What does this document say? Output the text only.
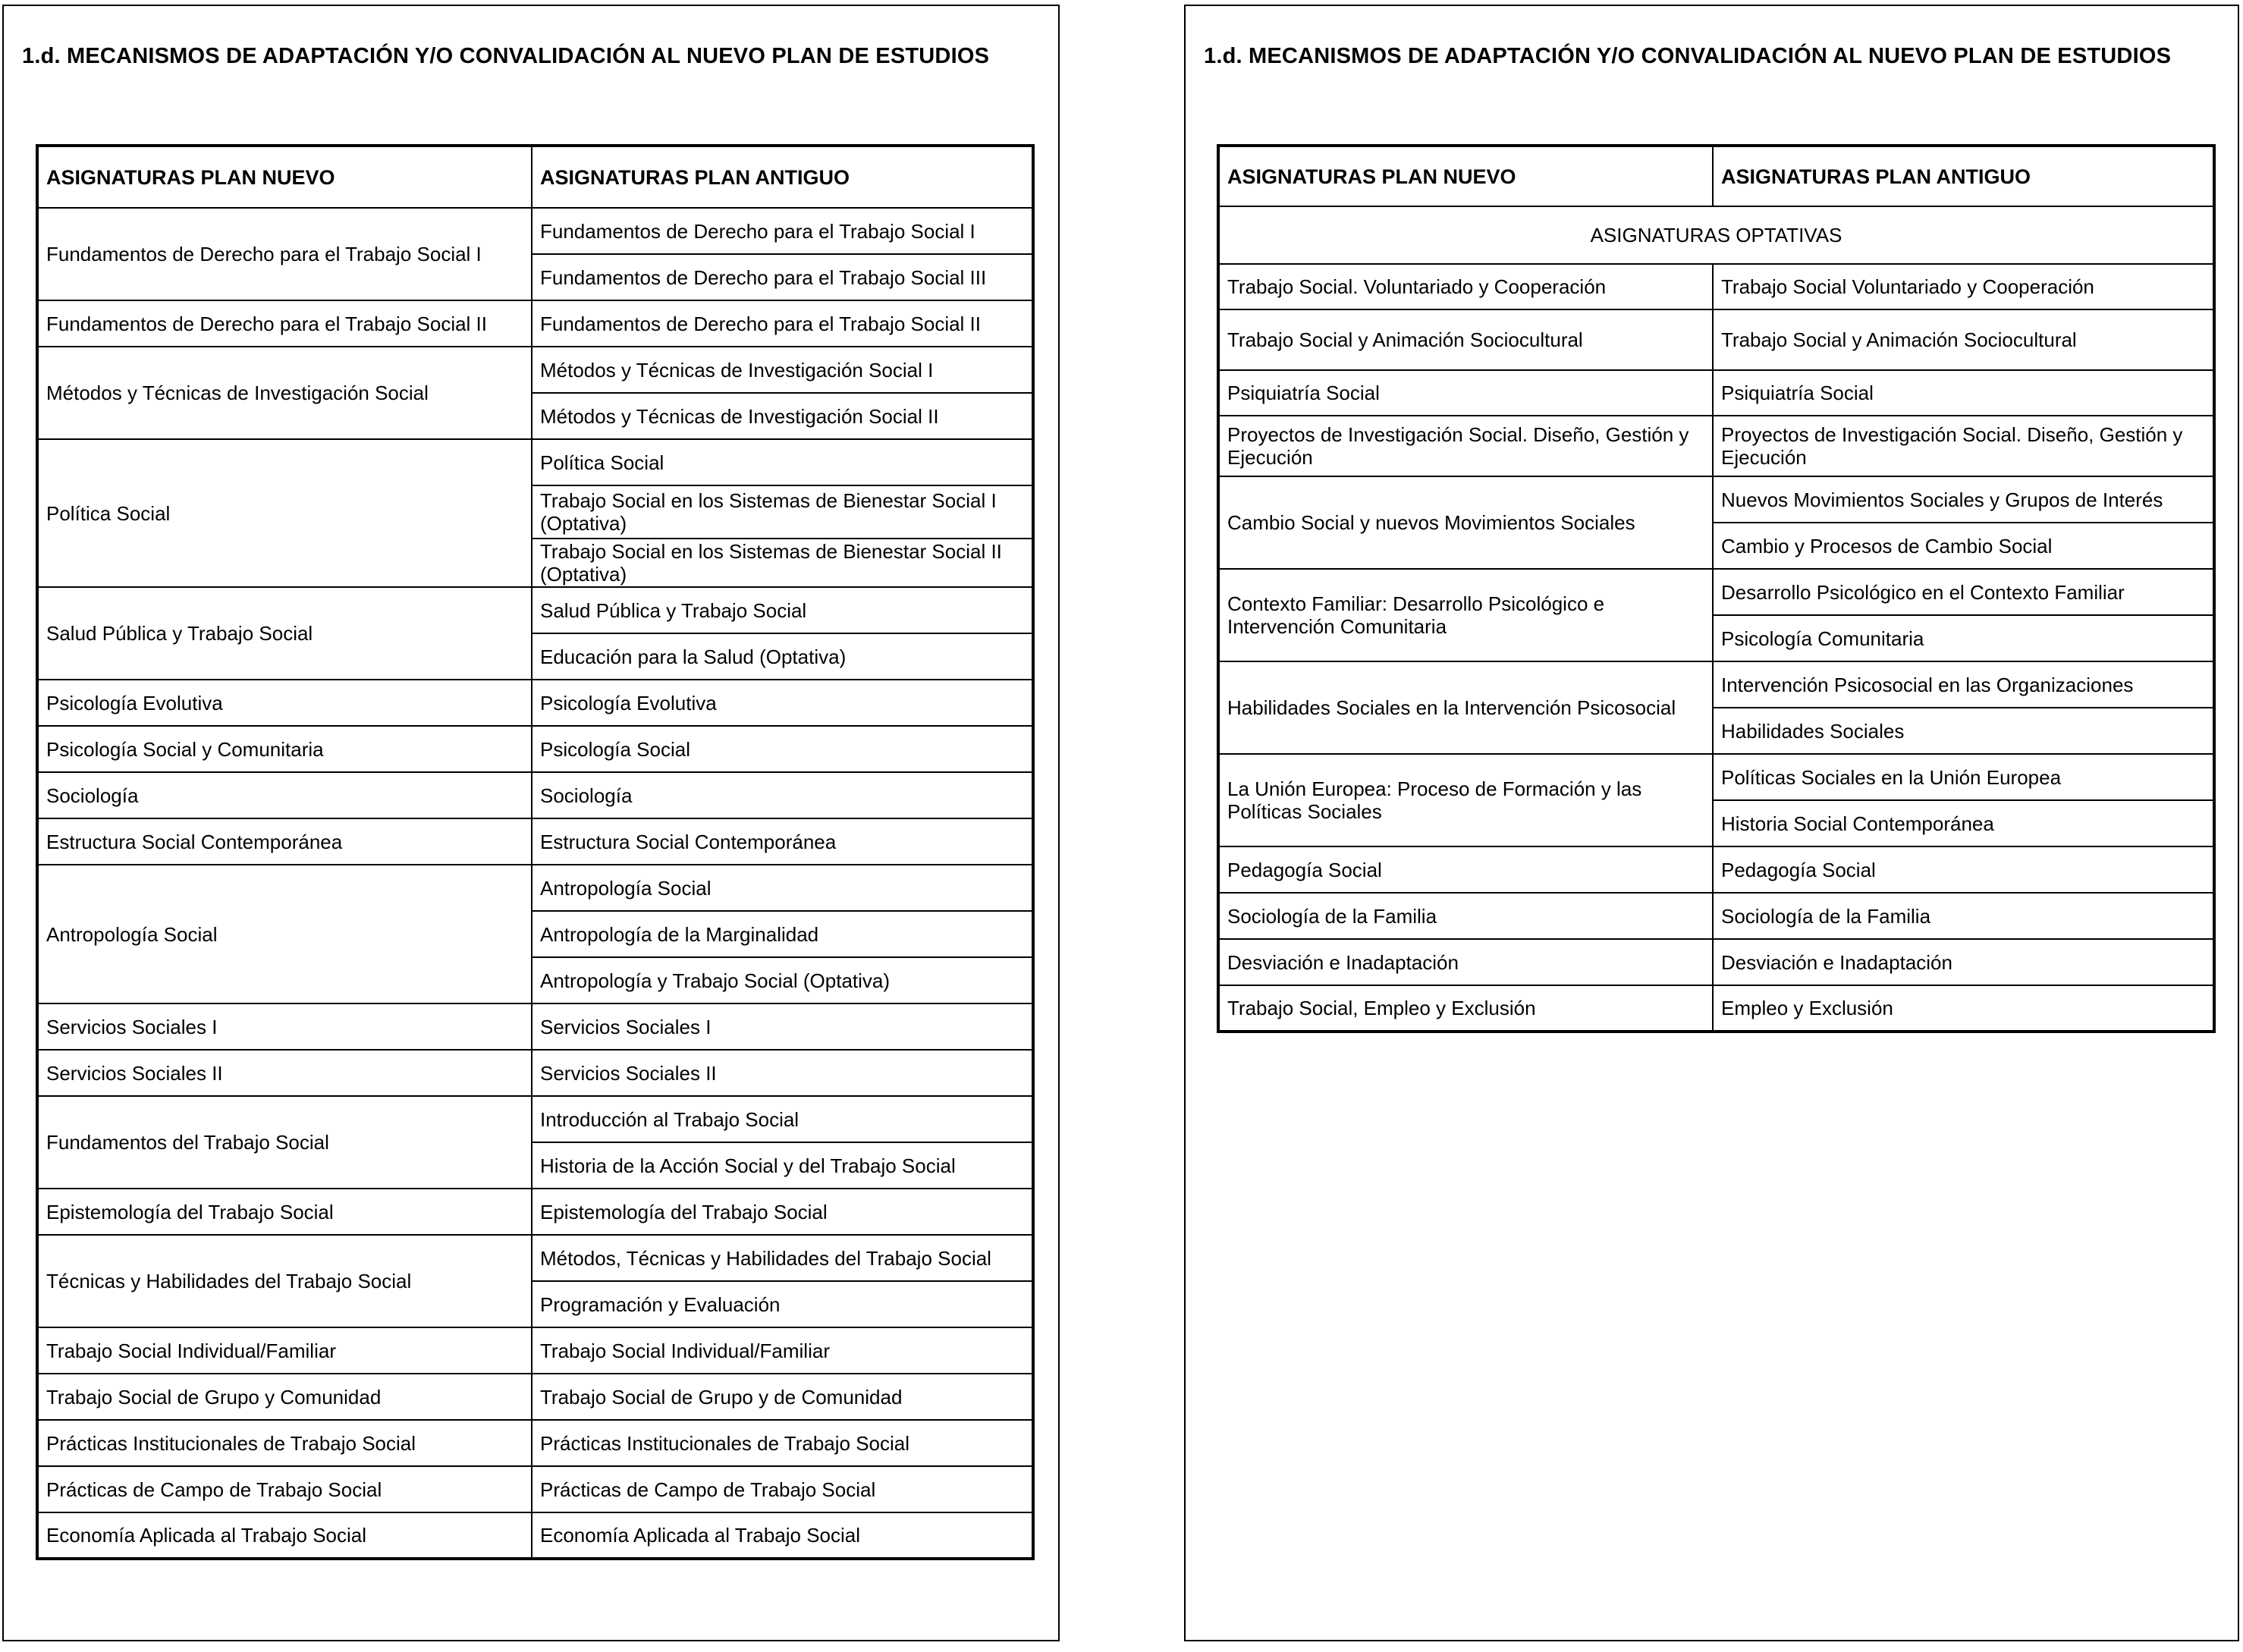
1.d. MECANISMOS DE ADAPTACIÓN Y/O CONVALIDACIÓN AL NUEVO PLAN DE ESTUDIOS
ASIGNATURAS PLAN NUEVO	ASIGNATURAS PLAN ANTIGUO
Fundamentos de Derecho para el Trabajo Social I	Fundamentos de Derecho para el Trabajo Social I
	Fundamentos de Derecho para el Trabajo Social III
Fundamentos de Derecho para el Trabajo Social II	Fundamentos de Derecho para el Trabajo Social II
Métodos y Técnicas de Investigación Social	Métodos y Técnicas de Investigación Social I
	Métodos y Técnicas de Investigación Social II
Política Social	Política Social
	Trabajo Social en los Sistemas de Bienestar Social I (Optativa)
	Trabajo Social en los Sistemas de Bienestar Social II (Optativa)
Salud Pública y Trabajo Social	Salud Pública y Trabajo Social
	Educación para la Salud (Optativa)
Psicología Evolutiva	Psicología Evolutiva
Psicología Social y Comunitaria	Psicología Social
Sociología	Sociología
Estructura Social Contemporánea	Estructura Social Contemporánea
Antropología Social	Antropología Social
	Antropología de la Marginalidad
	Antropología y Trabajo Social (Optativa)
Servicios Sociales I	Servicios Sociales I
Servicios Sociales II	Servicios Sociales II
Fundamentos del Trabajo Social	Introducción al Trabajo Social
	Historia de la Acción Social y del Trabajo Social
Epistemología del Trabajo Social	Epistemología del Trabajo Social
Técnicas y Habilidades del Trabajo Social	Métodos, Técnicas y Habilidades del Trabajo Social
	Programación y Evaluación
Trabajo Social Individual/Familiar	Trabajo Social Individual/Familiar
Trabajo Social de Grupo y Comunidad	Trabajo Social de Grupo y de Comunidad
Prácticas Institucionales de Trabajo Social	Prácticas Institucionales de Trabajo Social
Prácticas de Campo de Trabajo Social	Prácticas de Campo de Trabajo Social
Economía Aplicada al Trabajo Social	Economía Aplicada al Trabajo Social
1.d. MECANISMOS DE ADAPTACIÓN Y/O CONVALIDACIÓN AL NUEVO PLAN DE ESTUDIOS
ASIGNATURAS PLAN NUEVO	ASIGNATURAS PLAN ANTIGUO
ASIGNATURAS OPTATIVAS	
Trabajo Social. Voluntariado y Cooperación	Trabajo Social Voluntariado y Cooperación
Trabajo Social y Animación Sociocultural	Trabajo Social y Animación Sociocultural
Psiquiatría Social	Psiquiatría Social
Proyectos de Investigación Social. Diseño, Gestión y Ejecución	Proyectos de Investigación Social. Diseño, Gestión y Ejecución
Cambio Social y nuevos Movimientos Sociales	Nuevos Movimientos Sociales y Grupos de Interés
	Cambio y Procesos de Cambio Social
Contexto Familiar: Desarrollo Psicológico e Intervención Comunitaria	Desarrollo Psicológico en el Contexto Familiar
	Psicología Comunitaria
Habilidades Sociales en la Intervención Psicosocial	Intervención Psicosocial en las Organizaciones
	Habilidades Sociales
La Unión Europea: Proceso de Formación y las Políticas Sociales	Políticas Sociales en la Unión Europea
	Historia Social Contemporánea
Pedagogía Social	Pedagogía Social
Sociología de la Familia	Sociología de la Familia
Desviación e Inadaptación	Desviación e Inadaptación
Trabajo Social, Empleo y Exclusión	Empleo y Exclusión
